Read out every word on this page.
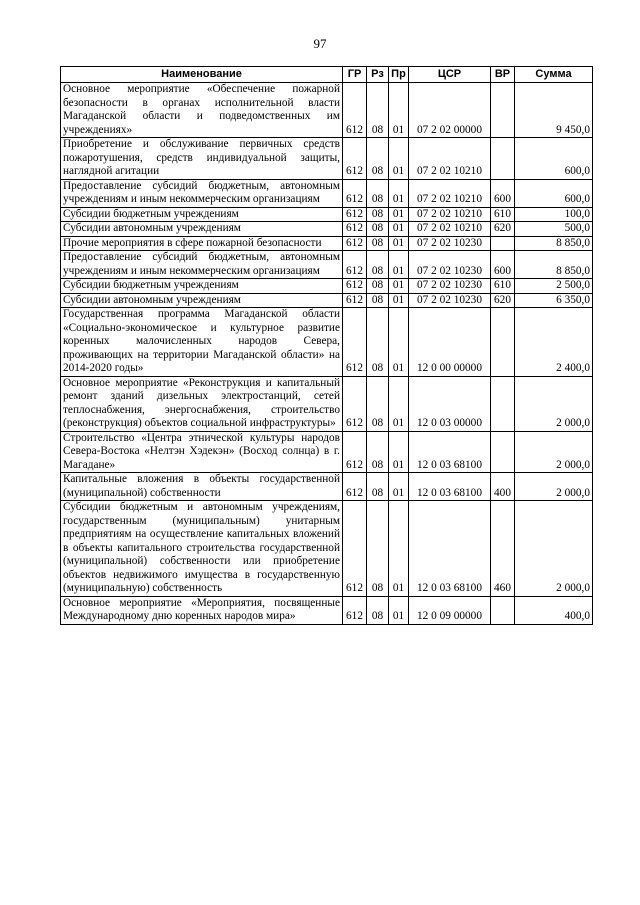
97
Наименование	ГР	Рз	Пр	ЦСР	ВР	Сумма
Основное мероприятие «Обеспечение пожарной безопасности в органах исполнительной власти Магаданской области и подведомственных им учреждениях»	612	08	01	07 2 02 00000		9 450,0
Приобретение и обслуживание первичных средств пожаротушения, средств индивидуальной защиты, наглядной агитации	612	08	01	07 2 02 10210		600,0
Предоставление субсидий бюджетным, автономным учреждениям и иным некоммерческим организациям	612	08	01	07 2 02 10210	600	600,0
Субсидии бюджетным учреждениям	612	08	01	07 2 02 10210	610	100,0
Субсидии автономным учреждениям	612	08	01	07 2 02 10210	620	500,0
Прочие мероприятия в сфере пожарной безопасности	612	08	01	07 2 02 10230		8 850,0
Предоставление субсидий бюджетным, автономным учреждениям и иным некоммерческим организациям	612	08	01	07 2 02 10230	600	8 850,0
Субсидии бюджетным учреждениям	612	08	01	07 2 02 10230	610	2 500,0
Субсидии автономным учреждениям	612	08	01	07 2 02 10230	620	6 350,0
Государственная программа Магаданской области «Социально-экономическое и культурное развитие коренных малочисленных народов Севера, проживающих на территории Магаданской области» на 2014-2020 годы»	612	08	01	12 0 00 00000		2 400,0
Основное мероприятие «Реконструкция и капитальный ремонт зданий дизельных электростанций, сетей теплоснабжения, энергоснабжения, строительство (реконструкция) объектов социальной инфраструктуры»	612	08	01	12 0 03 00000		2 000,0
Строительство «Центра этнической культуры народов Севера-Востока «Нелтэн Хэдекэн» (Восход солнца) в г. Магадане»	612	08	01	12 0 03 68100		2 000,0
Капитальные вложения в объекты государственной (муниципальной) собственности	612	08	01	12 0 03 68100	400	2 000,0
Субсидии бюджетным и автономным учреждениям, государственным (муниципальным) унитарным предприятиям на осуществление капитальных вложений в объекты капитального строительства государственной (муниципальной) собственности или приобретение объектов недвижимого имущества в государственную (муниципальную) собственность	612	08	01	12 0 03 68100	460	2 000,0
Основное мероприятие «Мероприятия, посвященные Международному дню коренных народов мира»	612	08	01	12 0 09 00000		400,0
